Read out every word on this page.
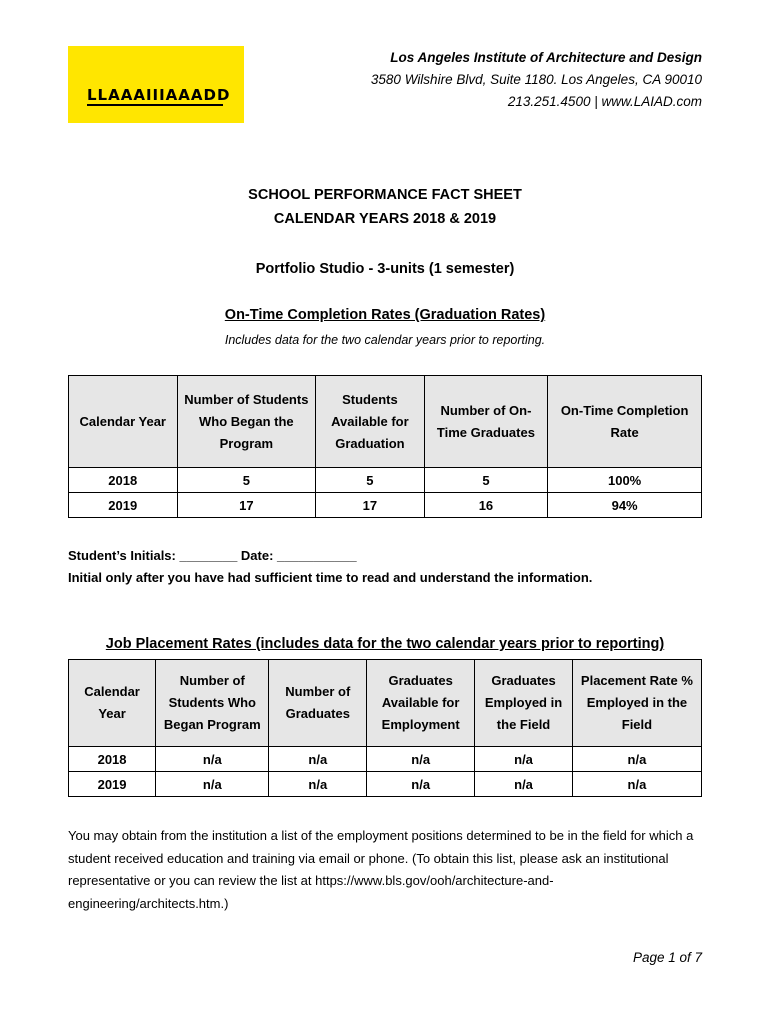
LLAAAIIIAAADD
Los Angeles Institute of Architecture and Design
3580 Wilshire Blvd, Suite 1180. Los Angeles, CA 90010
213.251.4500 | www.LAIAD.com
SCHOOL PERFORMANCE FACT SHEET
CALENDAR YEARS 2018 & 2019
Portfolio Studio - 3-units (1 semester)
On-Time Completion Rates (Graduation Rates)
Includes data for the two calendar years prior to reporting.
Calendar Year	Number of Students Who Began the Program	Students Available for Graduation	Number of On-Time Graduates	On-Time Completion Rate
2018	5	5	5	100%
2019	17	17	16	94%
Student’s Initials: ________ Date: ___________
Initial only after you have had sufficient time to read and understand the information.
Job Placement Rates (includes data for the two calendar years prior to reporting)
Calendar Year	Number of Students Who Began Program	Number of Graduates	Graduates Available for Employment	Graduates Employed in the Field	Placement Rate % Employed in the Field
2018	n/a	n/a	n/a	n/a	n/a
2019	n/a	n/a	n/a	n/a	n/a
You may obtain from the institution a list of the employment positions determined to be in the field for which a student received education and training via email or phone. (To obtain this list, please ask an institutional representative or you can review the list at https://www.bls.gov/ooh/architecture-and-engineering/architects.htm.)
Page 1 of 7
